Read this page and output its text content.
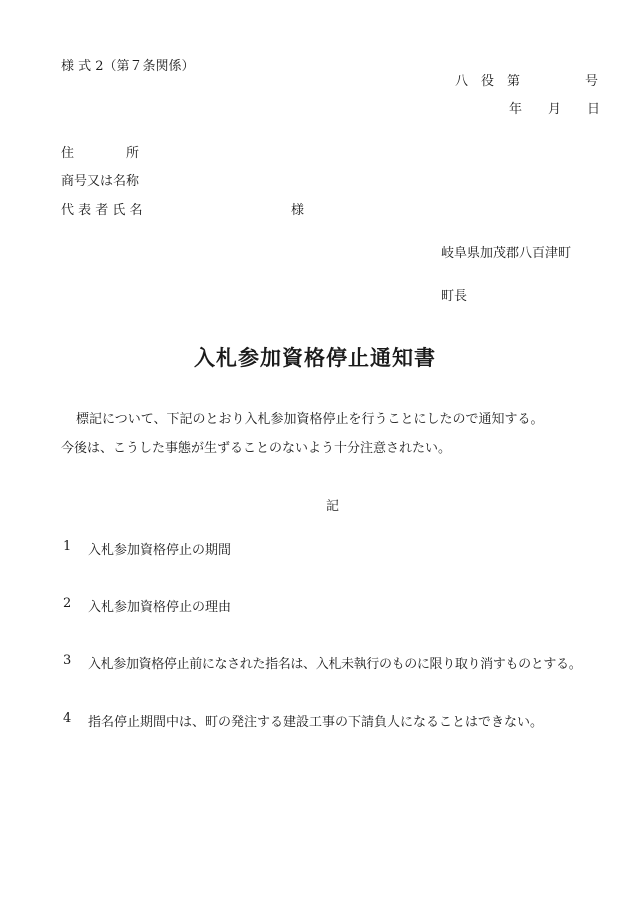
様 式 2（第７条関係）
八　役　第　　　　　号
年　　月　　日
住　　　　所
商号又は名称
代 表 者 氏 名	様
岐阜県加茂郡八百津町
町長
入札参加資格停止通知書
標記について、下記のとおり入札参加資格停止を行うことにしたので通知する。
今後は、こうした事態が生ずることのないよう十分注意されたい。
記
1 入札参加資格停止の期間
2 入札参加資格停止の理由
3 入札参加資格停止前になされた指名は、入札未執行のものに限り取り消すものとする。
4 指名停止期間中は、町の発注する建設工事の下請負人になることはできない。
